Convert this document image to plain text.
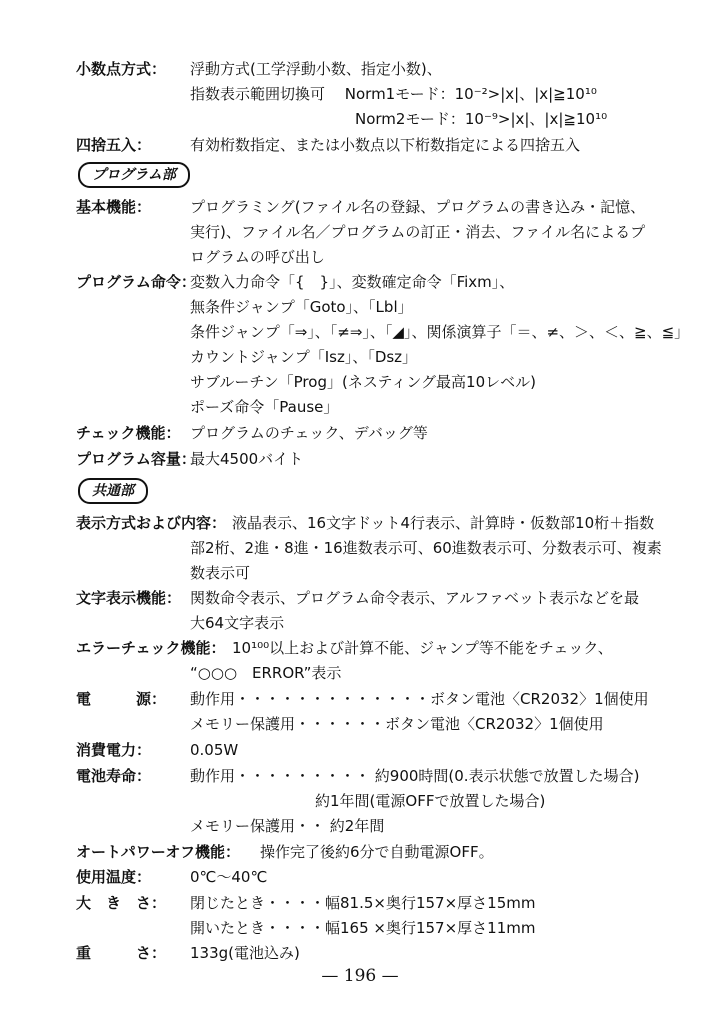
小数点方式： 浮動方式(工学浮動小数、指定小数)、
指数表示範囲切換可　 Norm1モード：10⁻²>|x|、|x|≧10¹⁰
Norm2モード：10⁻⁹>|x|、|x|≧10¹⁰
四捨五入：	有効桁数指定、または小数点以下桁数指定による四捨五入
プログラム部
基本機能：	プログラミング(ファイル名の登録、プログラムの書き込み・記憶、
実行)、ファイル名／プログラムの訂正・消去、ファイル名によるプ
ログラムの呼び出し
プログラム命令：
変数入力命令「{　}」、変数確定命令「Fixm」、
無条件ジャンプ「Goto」、「Lbl」
条件ジャンプ「⇒」、「≠⇒」、「◢」、関係演算子「＝、≠、＞、＜、≧、≦」
カウントジャンプ「Isz」、「Dsz」
サブルーチン「Prog」(ネスティング最高10レベル)
ポーズ命令「Pause」
チェック機能： プログラムのチェック、デバッグ等
プログラム容量：
最大4500バイト
共通部
表示方式および内容： 液晶表示、16文字ドット4行表示、計算時・仮数部10桁＋指数
部2桁、2進・8進・16進数表示可、60進数表示可、分数表示可、複素
数表示可
文字表示機能： 関数命令表示、プログラム命令表示、アルファベット表示などを最
大64文字表示
エラーチェック機能： 10¹⁰⁰以上および計算不能、ジャンプ等不能をチェック、
“○○○　ERROR”表示
電　　　源： 動作用・・・・・・・・・・・・・ボタン電池〈CR2032〉1個使用
メモリー保護用・・・・・・ボタン電池〈CR2032〉1個使用
消費電力：	0.05W
電池寿命：	動作用・・・・・・・・・ 約900時間(0.表示状態で放置した場合)
約1年間(電源OFFで放置した場合)
メモリー保護用・・ 約2年間
オートパワーオフ機能： 操作完了後約6分で自動電源OFF。
使用温度：	0℃～40℃
大　き　さ： 閉じたとき・・・・幅81.5×奥行157×厚さ15mm
開いたとき・・・・幅165 ×奥行157×厚さ11mm
重　　　さ： 133g(電池込み)
— 196 —
